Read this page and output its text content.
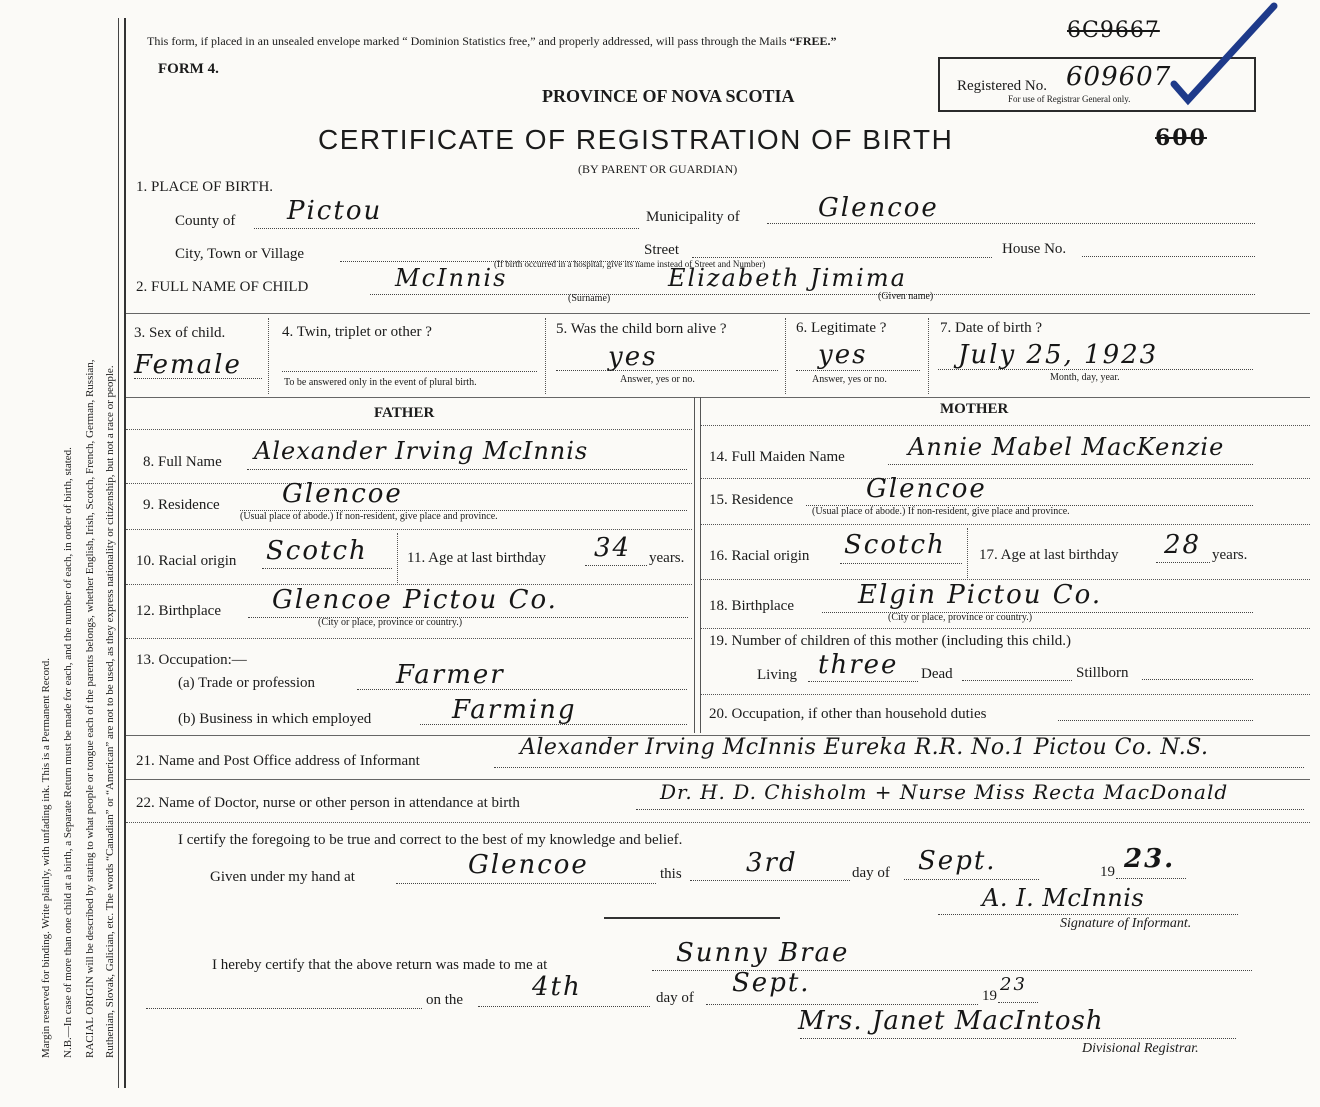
Margin reserved for binding. Write plainly, with unfading ink. This is a Permanent Record. N.B.—In case of more than one child at a birth, a Separate Return must be made for each, and the number of each, in order of birth, stated. RACIAL ORIGIN will be described by stating to what people or tongue each of the parents belongs, whether English, Irish, Scotch, French, German, Russian, Ruthenian, Slovak, Galician, etc. The words “Canadian” or “American” are not to be used, as they express nationality or citizenship, but not a race or people.
This form, if placed in an unsealed envelope marked “ Dominion Statistics free,” and properly addressed, will pass through the Mails “FREE.”
FORM 4.
PROVINCE OF NOVA SCOTIA
CERTIFICATE OF REGISTRATION OF BIRTH
(BY PARENT OR GUARDIAN)
6C9667
Registered No. 609607
For use of Registrar General only.
600
1. PLACE OF BIRTH.
County of Pictou	Municipality of	Glencoe
City, Town or Village	Street	House No.
(If birth occurred in a hospital, give its name instead of Street and Number)
2. FULL NAME OF CHILD	McInnis
(Surname)
Elizabeth Jimima
(Given name)
3. Sex of child.
Female
4. Twin, triplet or other ?
To be answered only in the event of plural birth.
5. Was the child born alive ?
yes
Answer, yes or no.
6. Legitimate ?
yes
Answer, yes or no.
7. Date of birth ?
July 25, 1923
Month, day, year.
FATHER
8. Full Name Alexander Irving McInnis
9. Residence Glencoe
(Usual place of abode.) If non-resident, give place and province.
10. Racial origin Scotch	11. Age at last birthday 34 years.
12. Birthplace Glencoe Pictou Co.
(City or place, province or country.)
13. Occupation:—
(a) Trade or profession	Farmer
(b) Business in which employed	Farming
MOTHER
14. Full Maiden Name	Annie Mabel MacKenzie
15. Residence	Glencoe
(Usual place of abode.) If non-resident, give place and province.
16. Racial origin Scotch 17. Age at last birthday 28 years.
18. Birthplace Elgin Pictou Co.
(City or place, province or country.)
19. Number of children of this mother (including this child.)
Living three Dead	Stillborn
20. Occupation, if other than household duties
21. Name and Post Office address of Informant
Alexander Irving McInnis Eureka R.R. No.1 Pictou Co. N.S.
22. Name of Doctor, nurse or other person in attendance at birth	Dr. H. D. Chisholm + Nurse Miss Recta MacDonald
I certify the foregoing to be true and correct to the best of my knowledge and belief.
Given under my hand at	Glencoe	this 3rd	day of Sept.	19 23.
A. I. McInnis
Signature of Informant.
I hereby certify that the above return was made to me at	Sunny Brae
on the	4th	day of Sept.	19
23
Mrs. Janet MacIntosh
Divisional Registrar.
